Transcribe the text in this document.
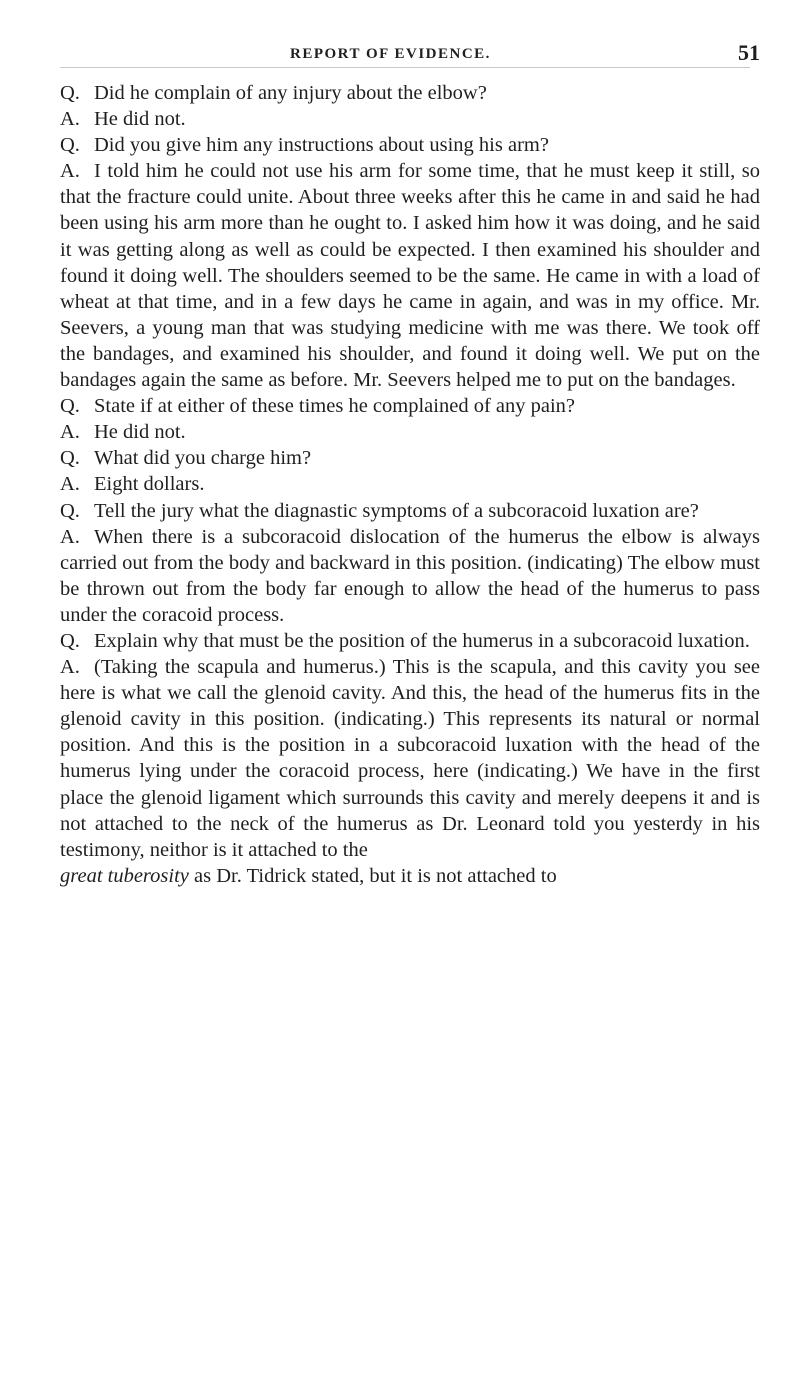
REPORT OF EVIDENCE.	51

Q. Did he complain of any injury about the elbow?

A. He did not.

Q. Did you give him any instructions about using his arm?

A. I told him he could not use his arm for some time, that he must keep it still, so that the fracture could unite. About three weeks after this he came in and said he had been using his arm more than he ought to. I asked him how it was doing, and he said it was getting along as well as could be expected. I then examined his shoulder and found it doing well. The shoulders seemed to be the same. He came in with a load of wheat at that time, and in a few days he came in again, and was in my office. Mr. Seevers, a young man that was studying medicine with me was there. We took off the bandages, and examined his shoulder, and found it doing well. We put on the bandages again the same as before. Mr. Seevers helped me to put on the bandages.

Q. State if at either of these times he complained of any pain?

A. He did not.

Q. What did you charge him?

A. Eight dollars.

Q. Tell the jury what the diagnastic symptoms of a subcoracoid luxation are?

A. When there is a subcoracoid dislocation of the humerus the elbow is always carried out from the body and backward in this position. (indicating) The elbow must be thrown out from the body far enough to allow the head of the humerus to pass under the coracoid process.

Q. Explain why that must be the position of the humerus in a subcoracoid luxation.

A. (Taking the scapula and humerus.) This is the scapula, and this cavity you see here is what we call the glenoid cavity. And this, the head of the humerus fits in the glenoid cavity in this position. (indicating.) This represents its natural or normal position. And this is the position in a subcoracoid luxation with the head of the humerus lying under the coracoid process, here (indicating.) We have in the first place the glenoid ligament which surrounds this cavity and merely deepens it and is not attached to the neck of the humerus as Dr. Leonard told you yesterdy in his testimony, neithor is it attached to the

great tuberosity as Dr. Tidrick stated, but it is not attached to
